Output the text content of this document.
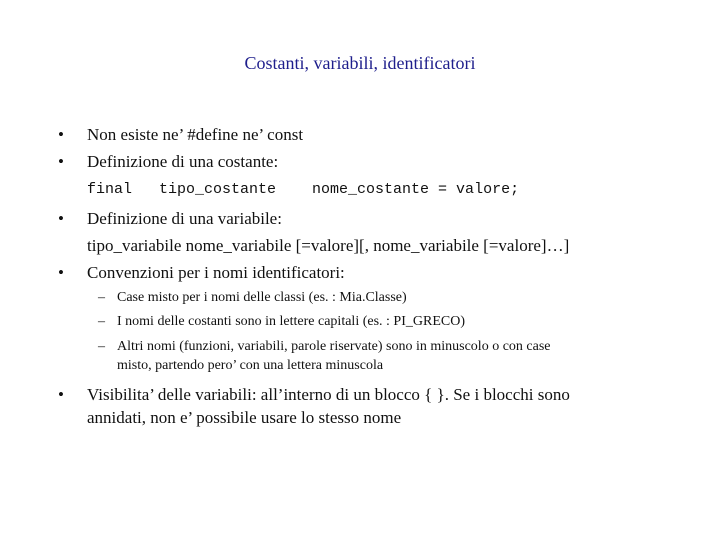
Costanti, variabili, identificatori
•	Non esiste ne’ #define ne’ const
•	Definizione di una costante:
final   tipo_costante    nome_costante = valore;
•	Definizione di una variabile:
tipo_variabile nome_variabile [=valore][, nome_variabile [=valore]…]
•	Convenzioni per i nomi identificatori:
– Case misto per i nomi delle classi (es. : Mia.Classe)
– I nomi delle costanti sono in lettere capitali (es. : PI_GRECO)
– Altri nomi (funzioni, variabili, parole riservate) sono in minuscolo o con case
misto, partendo pero’ con una lettera minuscola
•	Visibilita’ delle variabili: all’interno di un blocco { }. Se i blocchi sono
annidati, non e’ possibile usare lo stesso nome
